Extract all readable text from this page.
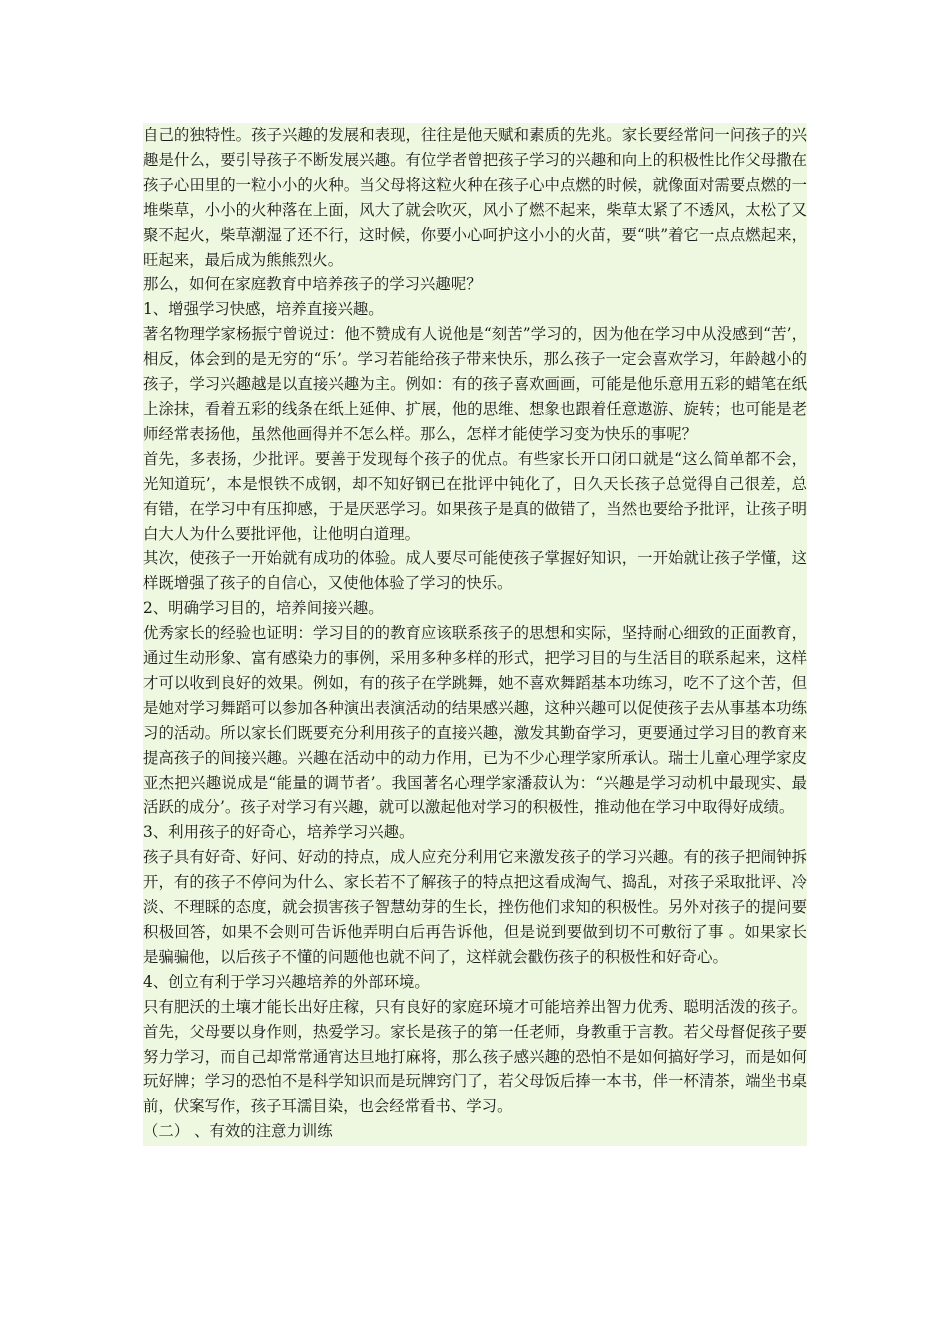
自己的独特性。孩子兴趣的发展和表现，往往是他天赋和素质的先兆。家长要经常问一问孩子的兴趣是什么，要引导孩子不断发展兴趣。有位学者曾把孩子学习的兴趣和向上的积极性比作父母撒在孩子心田里的一粒小小的火种。当父母将这粒火种在孩子心中点燃的时候，就像面对需要点燃的一堆柴草，小小的火种落在上面，风大了就会吹灭，风小了燃不起来，柴草太紧了不透风，太松了又聚不起火，柴草潮湿了还不行，这时候，你要小心呵护这小小的火苗，要“哄”着它一点点燃起来，旺起来，最后成为熊熊烈火。

那么，如何在家庭教育中培养孩子的学习兴趣呢？

1、增强学习快感，培养直接兴趣。

著名物理学家杨振宁曾说过：他不赞成有人说他是“刻苦”学习的，因为他在学习中从没感到“苦’，相反，体会到的是无穷的“乐’。学习若能给孩子带来快乐，那么孩子一定会喜欢学习，年龄越小的孩子，学习兴趣越是以直接兴趣为主。例如：有的孩子喜欢画画，可能是他乐意用五彩的蜡笔在纸上涂抹，看着五彩的线条在纸上延伸、扩展，他的思维、想象也跟着任意遨游、旋转；也可能是老师经常表扬他，虽然他画得并不怎么样。那么，怎样才能使学习变为快乐的事呢？

首先，多表扬，少批评。要善于发现每个孩子的优点。有些家长开口闭口就是“这么简单都不会，光知道玩’，本是恨铁不成钢，却不知好钢已在批评中钝化了，日久天长孩子总觉得自己很差，总有错，在学习中有压抑感，于是厌恶学习。如果孩子是真的做错了，当然也要给予批评，让孩子明白大人为什么要批评他，让他明白道理。

其次，使孩子一开始就有成功的体验。成人要尽可能使孩子掌握好知识，一开始就让孩子学懂，这样既增强了孩子的自信心，又使他体验了学习的快乐。

2、明确学习目的，培养间接兴趣。

优秀家长的经验也证明：学习目的的教育应该联系孩子的思想和实际，坚持耐心细致的正面教育，通过生动形象、富有感染力的事例，采用多种多样的形式，把学习目的与生活目的联系起来，这样才可以收到良好的效果。例如，有的孩子在学跳舞，她不喜欢舞蹈基本功练习，吃不了这个苦，但是她对学习舞蹈可以参加各种演出表演活动的结果感兴趣，这种兴趣可以促使孩子去从事基本功练习的活动。所以家长们既要充分利用孩子的直接兴趣，激发其勤奋学习，更要通过学习目的教育来提高孩子的间接兴趣。兴趣在活动中的动力作用，已为不少心理学家所承认。瑞士儿童心理学家皮亚杰把兴趣说成是“能量的调节者’。我国著名心理学家潘菽认为：“兴趣是学习动机中最现实、最活跃的成分’。孩子对学习有兴趣，就可以激起他对学习的积极性，推动他在学习中取得好成绩。

3、利用孩子的好奇心，培养学习兴趣。

孩子具有好奇、好问、好动的持点，成人应充分利用它来激发孩子的学习兴趣。有的孩子把闹钟拆开，有的孩子不停问为什么、家长若不了解孩子的特点把这看成淘气、捣乱，对孩子采取批评、冷淡、不理睬的态度，就会损害孩子智慧幼芽的生长，挫伤他们求知的积极性。另外对孩子的提问要积极回答，如果不会则可告诉他弄明白后再告诉他，但是说到要做到切不可敷衍了事 。如果家长是骗骗他，以后孩子不懂的问题他也就不问了，这样就会戳伤孩子的积极性和好奇心。

4、创立有利于学习兴趣培养的外部环境。

只有肥沃的土壤才能长出好庄稼，只有良好的家庭环境才可能培养出智力优秀、聪明活泼的孩子。首先，父母要以身作则，热爱学习。家长是孩子的第一任老师，身教重于言教。若父母督促孩子要努力学习，而自己却常常通宵达旦地打麻将，那么孩子感兴趣的恐怕不是如何搞好学习，而是如何玩好牌；学习的恐怕不是科学知识而是玩牌窍门了，若父母饭后捧一本书，伴一杯清茶，端坐书桌前，伏案写作，孩子耳濡目染，也会经常看书、学习。

（二） 、有效的注意力训练
